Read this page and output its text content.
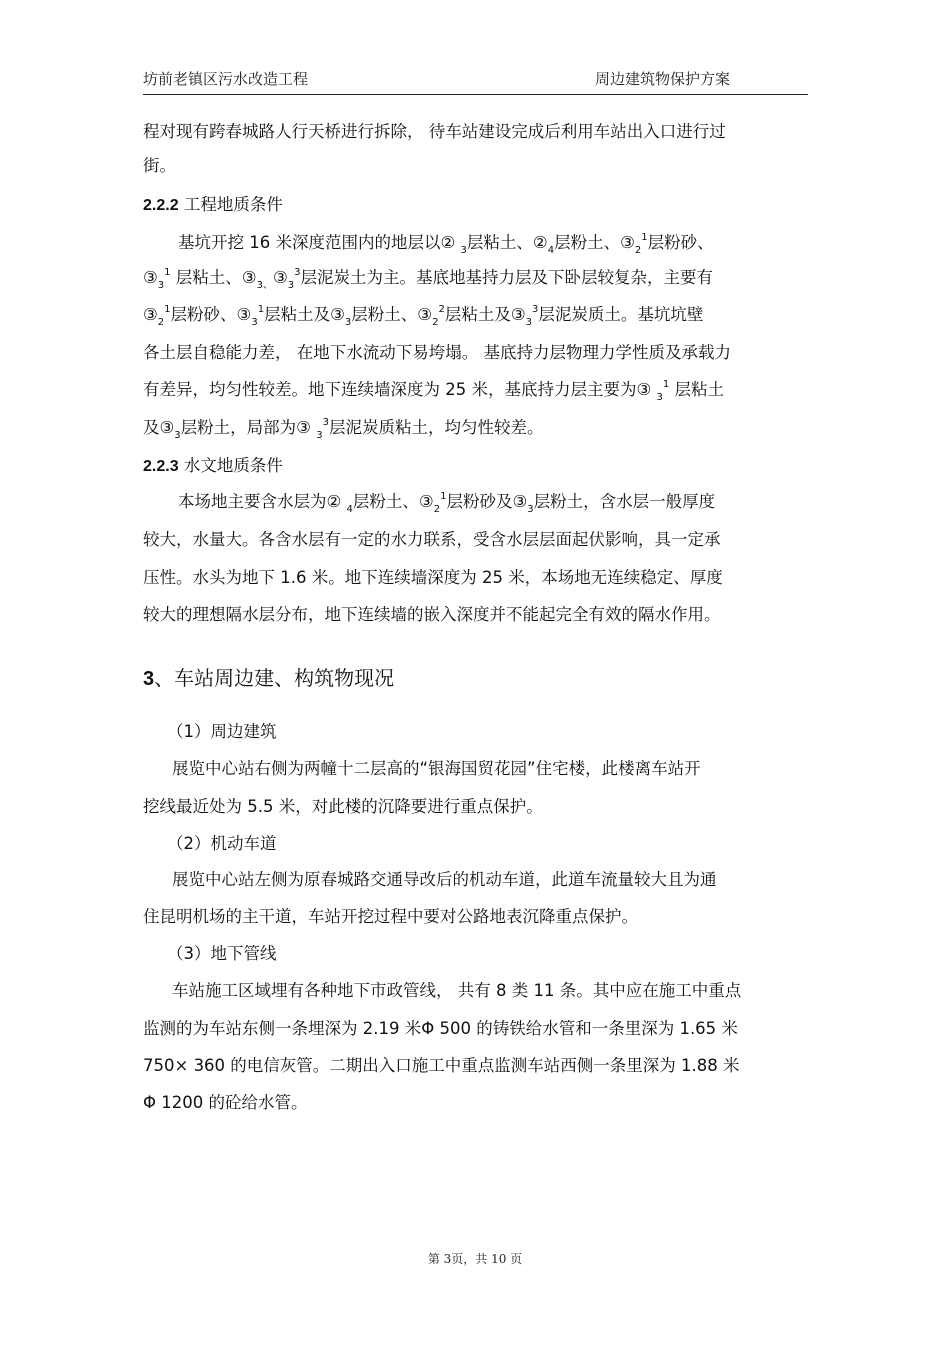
坊前老镇区污水改造工程	周边建筑物保护方案
程对现有跨春城路人行天桥进行拆除， 待车站建设完成后利用车站出入口进行过
街。
2.2.2 工程地质条件
基坑开挖 16 米深度范围内的地层以② $_3$层粘土、$②_4$层粉土、$③_2^1$层粉砂、
$③_3^1$ 层粘土、$③_{3、}③_3^3$层泥炭土为主。基底地基持力层及下卧层较复杂，主要有
$③_2^1$层粉砂、$③_3^1$层粘土及$③_3$层粉土、$③_2^2$层粘土及$③_3^3$层泥炭质土。基坑坑壁
各土层自稳能力差， 在地下水流动下易垮塌。 基底持力层物理力学性质及承载力
有差异，均匀性较差。地下连续墙深度为 25 米，基底持力层主要为③ $_3^1$ 层粘土
及$③_3$层粉土，局部为③ $_3^3$层泥炭质粘土，均匀性较差。
2.2.3 水文地质条件
本场地主要含水层为② $_4$层粉土、$③_2^1$层粉砂及$③_3$层粉土，含水层一般厚度
较大，水量大。各含水层有一定的水力联系，受含水层层面起伏影响，具一定承
压性。水头为地下 1.6 米。地下连续墙深度为 25 米，本场地无连续稳定、厚度
较大的理想隔水层分布，地下连续墙的嵌入深度并不能起完全有效的隔水作用。
3、车站周边建、构筑物现况
（1）周边建筑
展览中心站右侧为两幢十二层高的“银海国贸花园”住宅楼，此楼离车站开
挖线最近处为 5.5 米，对此楼的沉降要进行重点保护。
（2）机动车道
展览中心站左侧为原春城路交通导改后的机动车道，此道车流量较大且为通
住昆明机场的主干道，车站开挖过程中要对公路地表沉降重点保护。
（3）地下管线
车站施工区域埋有各种地下市政管线， 共有 8 类 11 条。其中应在施工中重点
监测的为车站东侧一条埋深为 2.19 米Φ 500 的铸铁给水管和一条里深为 1.65 米
750× 360 的电信灰管。二期出入口施工中重点监测车站西侧一条里深为 1.88 米
Φ 1200 的砼给水管。
第 3页，共 10 页
